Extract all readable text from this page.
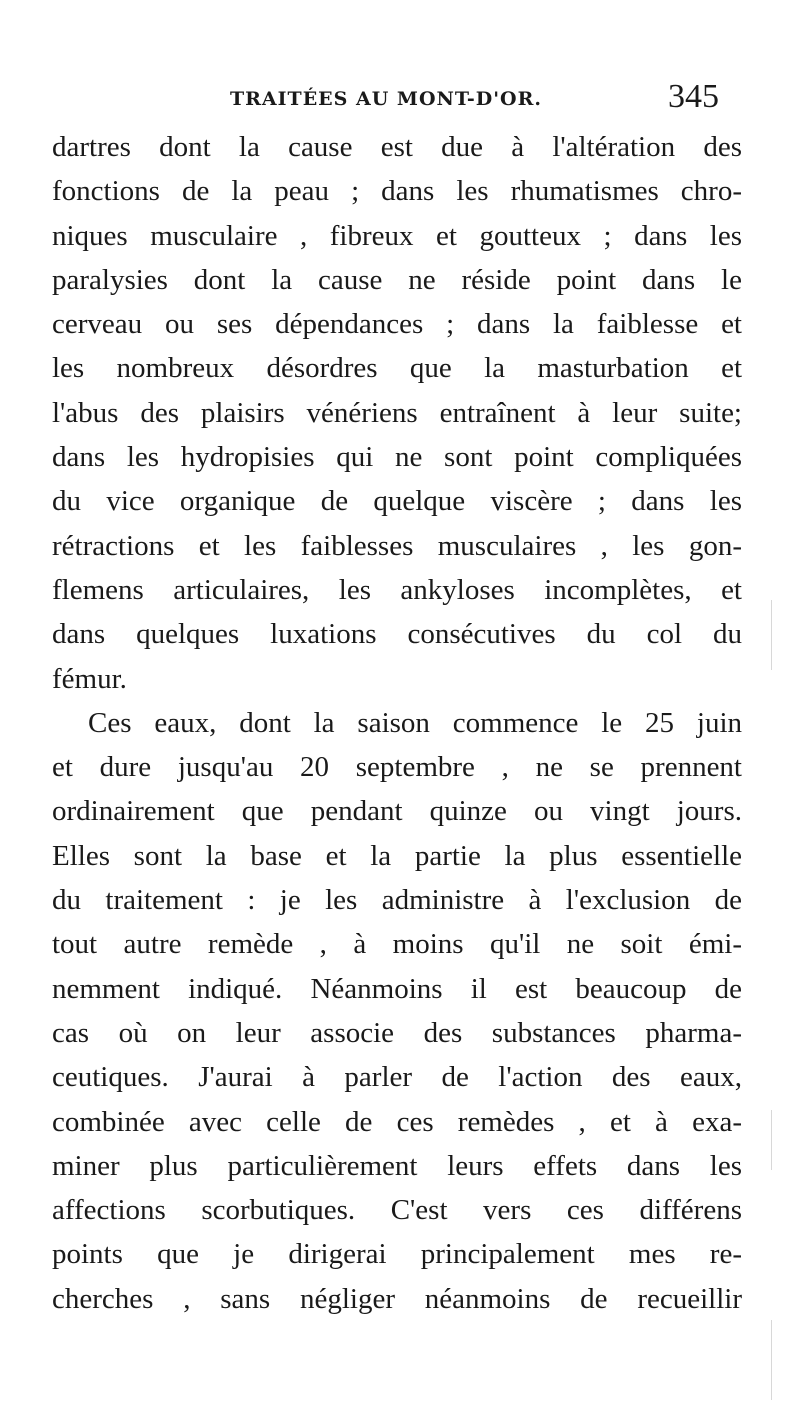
TRAITÉES AU MONT-D'OR.	345
dartres dont la cause est due à l'altération des
fonctions de la peau ; dans les rhumatismes chro-
niques musculaire , fibreux et goutteux ; dans les
paralysies dont la cause ne réside point dans le
cerveau ou ses dépendances ; dans la faiblesse et
les nombreux désordres que la masturbation et
l'abus des plaisirs vénériens entraînent à leur suite;
dans les hydropisies qui ne sont point compliquées
du vice organique de quelque viscère ; dans les
rétractions et les faiblesses musculaires , les gon-
flemens articulaires, les ankyloses incomplètes, et
dans quelques luxations consécutives du col du
fémur.
Ces eaux, dont la saison commence le 25 juin
et dure jusqu'au 20 septembre , ne se prennent
ordinairement que pendant quinze ou vingt jours.
Elles sont la base et la partie la plus essentielle
du traitement : je les administre à l'exclusion de
tout autre remède , à moins qu'il ne soit émi-
nemment indiqué. Néanmoins il est beaucoup de
cas où on leur associe des substances pharma-
ceutiques. J'aurai à parler de l'action des eaux,
combinée avec celle de ces remèdes , et à exa-
miner plus particulièrement leurs effets dans les
affections scorbutiques. C'est vers ces différens
points que je dirigerai principalement mes re-
cherches , sans négliger néanmoins de recueillir
